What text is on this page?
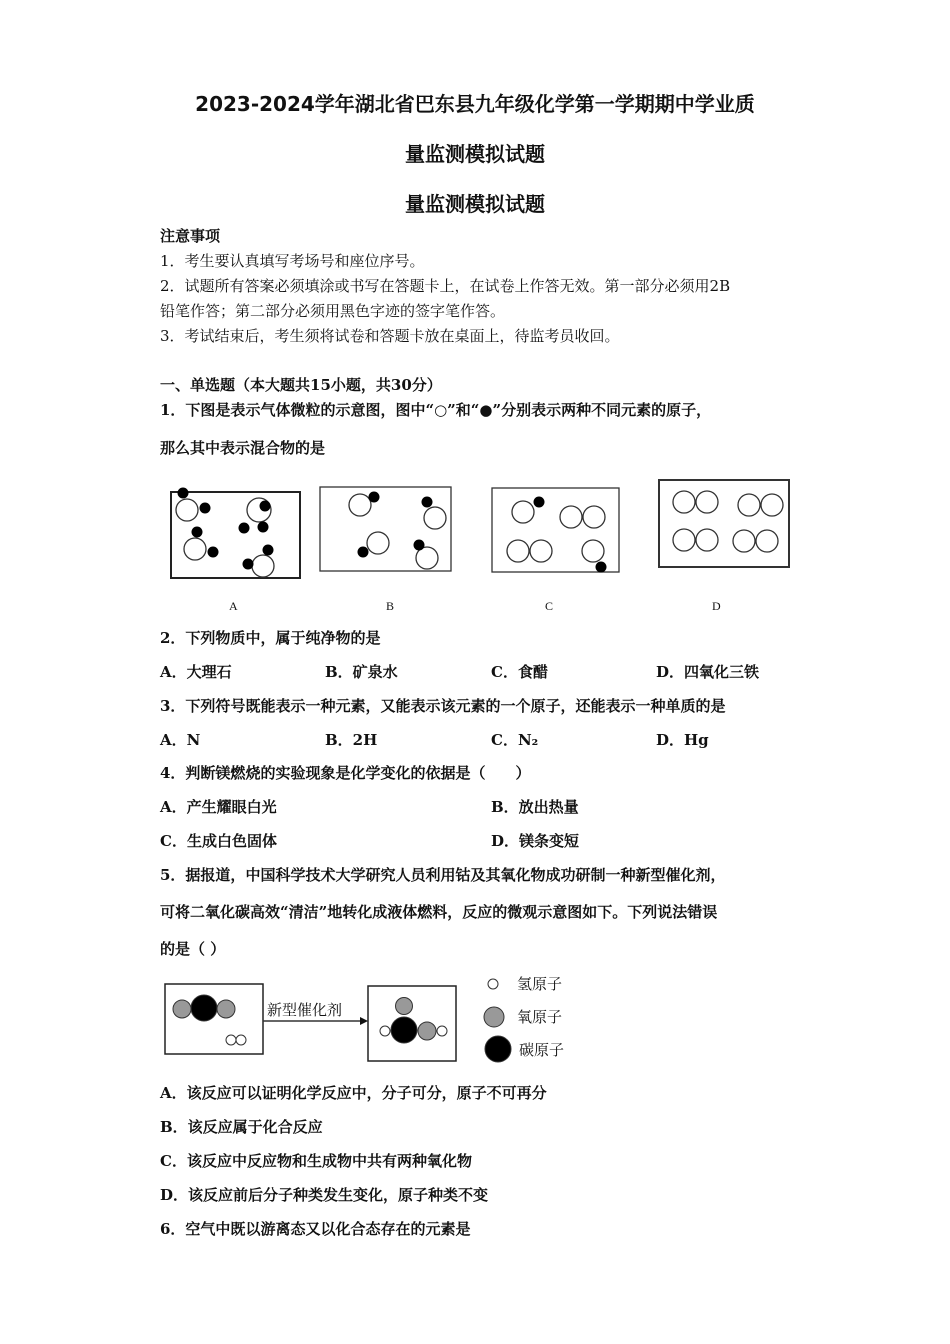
2023-2024学年湖北省巴东县九年级化学第一学期期中学业质
量监测模拟试题
量监测模拟试题
注意事项
1．考生要认真填写考场号和座位序号。
2．试题所有答案必须填涂或书写在答题卡上，在试卷上作答无效。第一部分必须用2B
铅笔作答；第二部分必须用黑色字迹的签字笔作答。
3．考试结束后，考生须将试卷和答题卡放在桌面上，待监考员收回。
一、单选题（本大题共15小题，共30分）
1．下图是表示气体微粒的示意图，图中“○”和“●”分别表示两种不同元素的原子，
那么其中表示混合物的是
A	B	C	D
2．下列物质中，属于纯净物的是
A．大理石	B．矿泉水	C．食醋	D．四氧化三铁
3．下列符号既能表示一种元素，又能表示该元素的一个原子，还能表示一种单质的是
A．N	B．2H	C．N₂	D．Hg
4．判断镁燃烧的实验现象是化学变化的依据是（　　）
A．产生耀眼白光	B．放出热量
C．生成白色固体	D．镁条变短
5．据报道，中国科学技术大学研究人员利用钴及其氧化物成功研制一种新型催化剂，
可将二氧化碳高效“清洁”地转化成液体燃料，反应的微观示意图如下。下列说法错误
的是（ ）
新型催化剂
氢原子
氧原子
碳原子
A．该反应可以证明化学反应中，分子可分，原子不可再分
B．该反应属于化合反应
C．该反应中反应物和生成物中共有两种氧化物
D．该反应前后分子种类发生变化，原子种类不变
6．空气中既以游离态又以化合态存在的元素是
